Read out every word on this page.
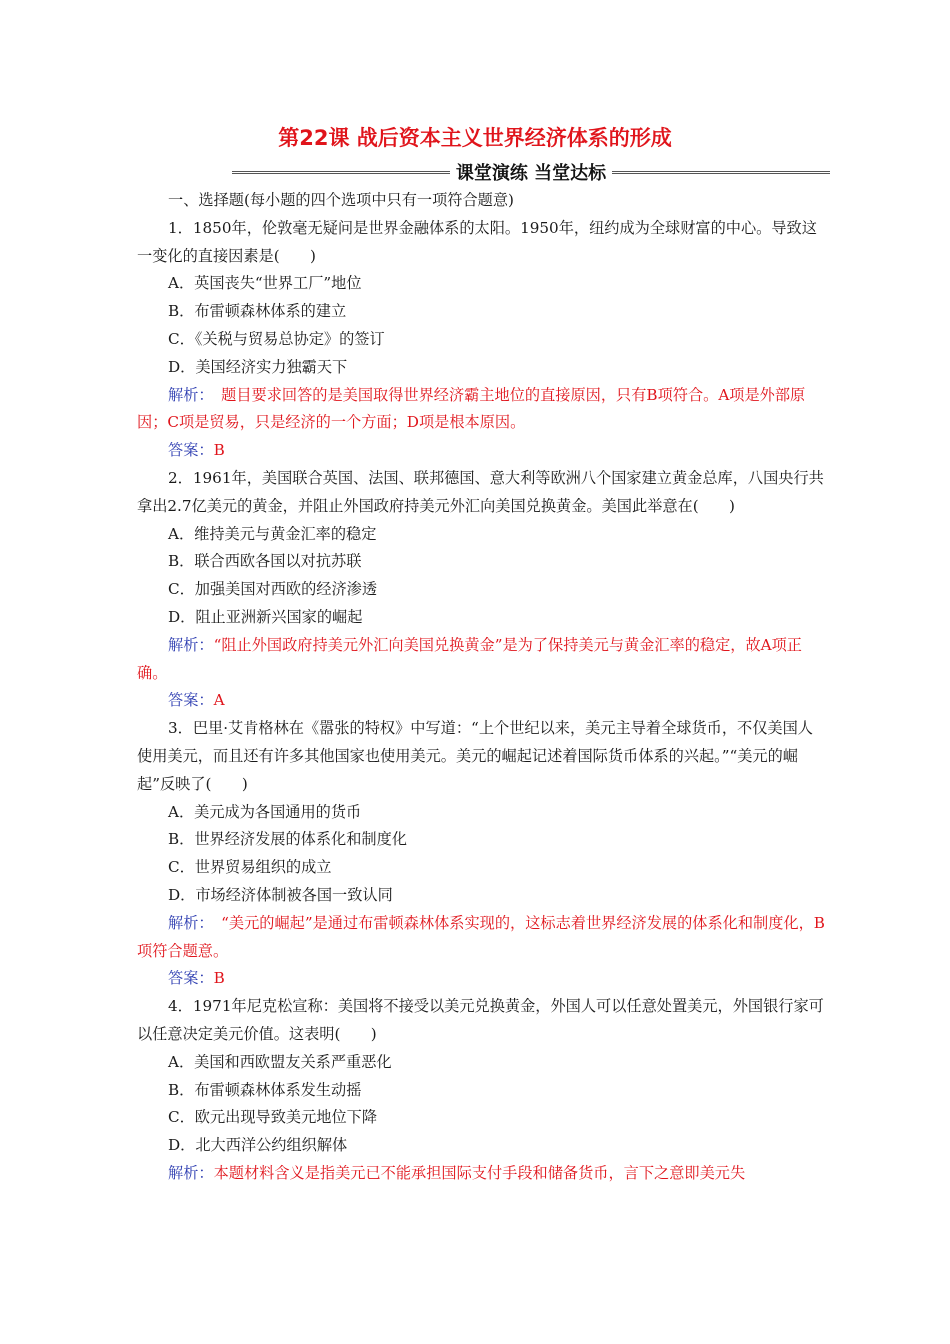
第22课 战后资本主义世界经济体系的形成
课堂演练 当堂达标

一、选择题(每小题的四个选项中只有一项符合题意)

1．1850年，伦敦毫无疑问是世界金融体系的太阳。1950年，纽约成为全球财富的中心。导致这一变化的直接因素是(　　)

A．英国丧失“世界工厂”地位

B．布雷顿森林体系的建立

C．《关税与贸易总协定》的签订

D．美国经济实力独霸天下

解析：　题目要求回答的是美国取得世界经济霸主地位的直接原因，只有B项符合。A项是外部原因；C项是贸易，只是经济的一个方面；D项是根本原因。

答案：B

2．1961年，美国联合英国、法国、联邦德国、意大利等欧洲八个国家建立黄金总库，八国央行共拿出2.7亿美元的黄金，并阻止外国政府持美元外汇向美国兑换黄金。美国此举意在(　　)

A．维持美元与黄金汇率的稳定

B．联合西欧各国以对抗苏联

C．加强美国对西欧的经济渗透

D．阻止亚洲新兴国家的崛起

解析：“阻止外国政府持美元外汇向美国兑换黄金”是为了保持美元与黄金汇率的稳定，故A项正确。

答案：A

3．巴里·艾肯格林在《嚣张的特权》中写道：“上个世纪以来，美元主导着全球货币，不仅美国人使用美元，而且还有许多其他国家也使用美元。美元的崛起记述着国际货币体系的兴起。”“美元的崛起”反映了(　　)

A．美元成为各国通用的货币

B．世界经济发展的体系化和制度化

C．世界贸易组织的成立

D．市场经济体制被各国一致认同

解析：　“美元的崛起”是通过布雷顿森林体系实现的，这标志着世界经济发展的体系化和制度化，B项符合题意。

答案：B

4．1971年尼克松宣称：美国将不接受以美元兑换黄金，外国人可以任意处置美元，外国银行家可以任意决定美元价值。这表明(　　)

A．美国和西欧盟友关系严重恶化

B．布雷顿森林体系发生动摇

C．欧元出现导致美元地位下降

D．北大西洋公约组织解体

解析：本题材料含义是指美元已不能承担国际支付手段和储备货币，言下之意即美元失
